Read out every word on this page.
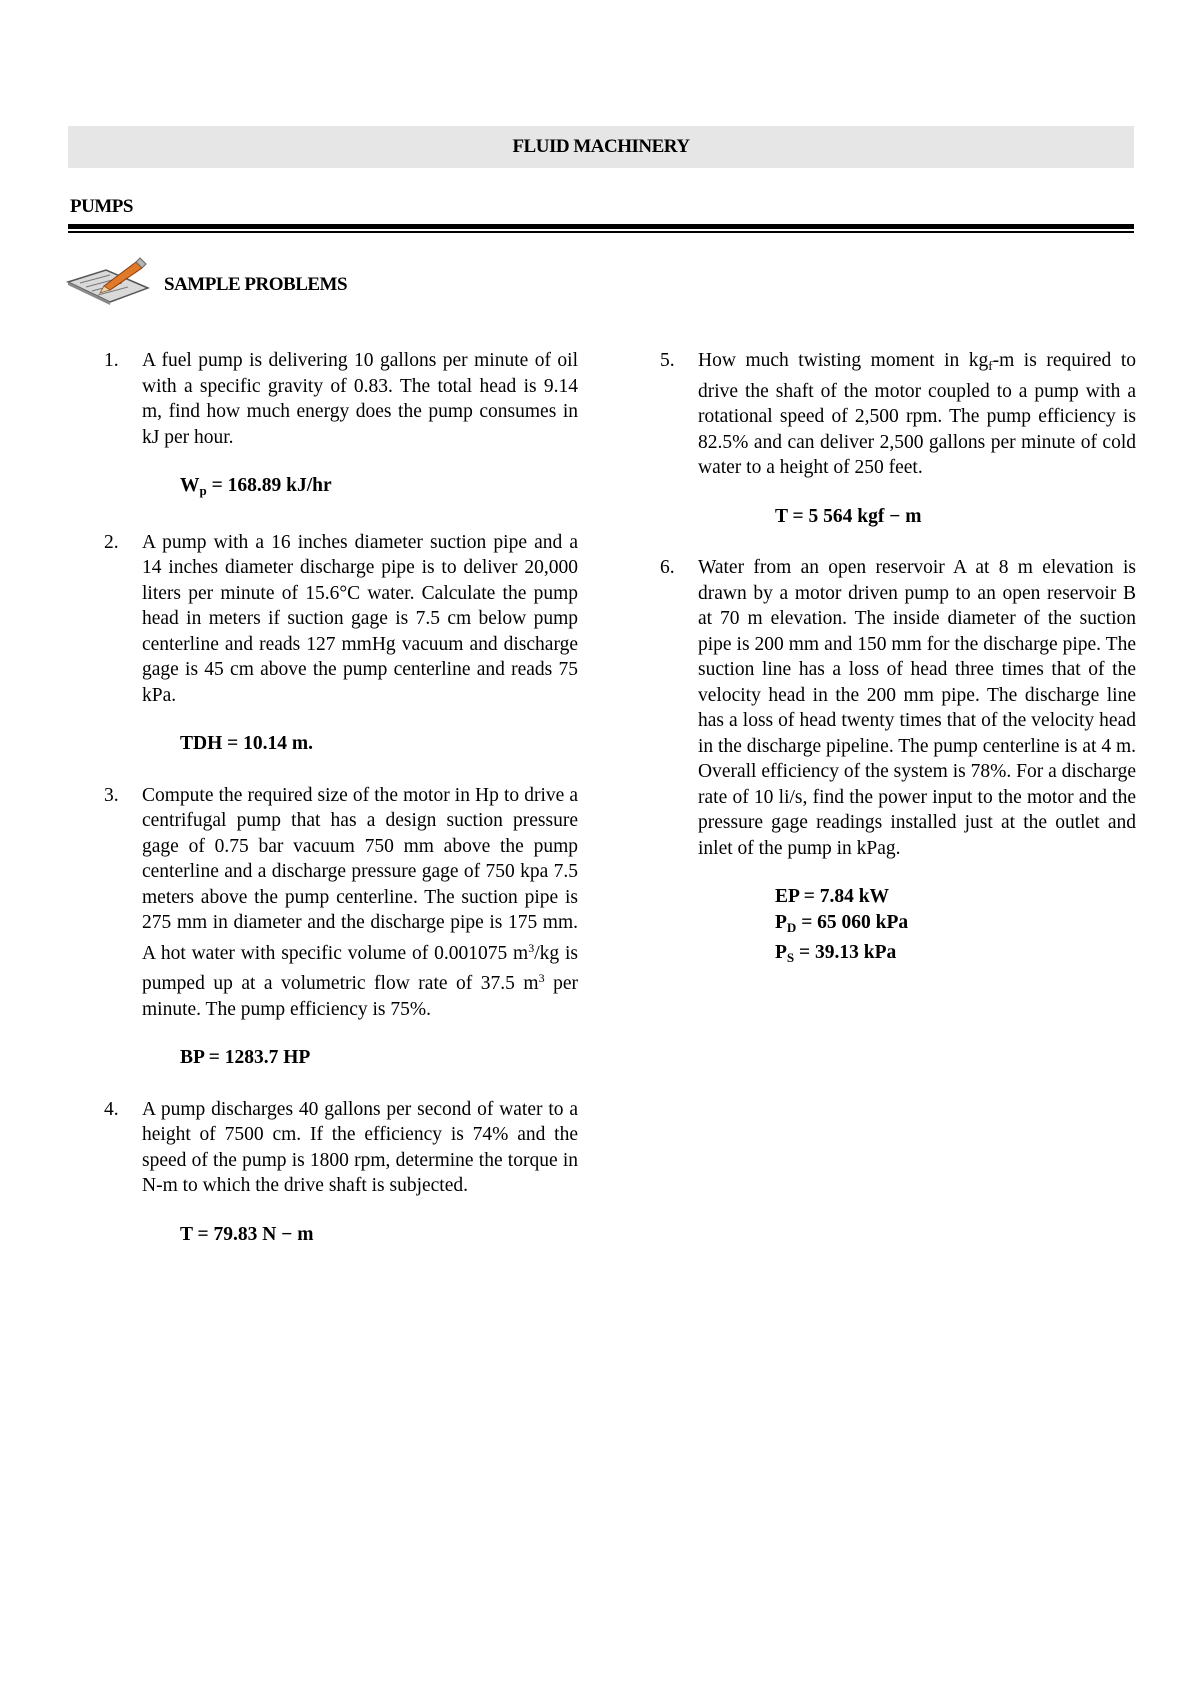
FLUID MACHINERY
PUMPS
SAMPLE PROBLEMS
1. A fuel pump is delivering 10 gallons per minute of oil with a specific gravity of 0.83. The total head is 9.14 m, find how much energy does the pump consumes in kJ per hour.

$W_p = 168.89$ kJ/hr
2. A pump with a 16 inches diameter suction pipe and a 14 inches diameter discharge pipe is to deliver 20,000 liters per minute of 15.6°C water. Calculate the pump head in meters if suction gage is 7.5 cm below pump centerline and reads 127 mmHg vacuum and discharge gage is 45 cm above the pump centerline and reads 75 kPa.

TDH = 10.14 m.
3. Compute the required size of the motor in Hp to drive a centrifugal pump that has a design suction pressure gage of 0.75 bar vacuum 750 mm above the pump centerline and a discharge pressure gage of 750 kpa 7.5 meters above the pump centerline. The suction pipe is 275 mm in diameter and the discharge pipe is 175 mm. A hot water with specific volume of 0.001075 $m^3/kg$ is pumped up at a volumetric flow rate of 37.5 $m^3$ per minute. The pump efficiency is 75%.

BP = 1283.7 HP
4. A pump discharges 40 gallons per second of water to a height of 7500 cm. If the efficiency is 74% and the speed of the pump is 1800 rpm, determine the torque in N-m to which the drive shaft is subjected.

T = 79.83 N − m
5. How much twisting moment in $kg_f-m$ is required to drive the shaft of the motor coupled to a pump with a rotational speed of 2,500 rpm. The pump efficiency is 82.5% and can deliver 2,500 gallons per minute of cold water to a height of 250 feet.

T = 5 564 kgf − m
6. Water from an open reservoir A at 8 m elevation is drawn by a motor driven pump to an open reservoir B at 70 m elevation. The inside diameter of the suction pipe is 200 mm and 150 mm for the discharge pipe. The suction line has a loss of head three times that of the velocity head in the 200 mm pipe. The discharge line has a loss of head twenty times that of the velocity head in the discharge pipeline. The pump centerline is at 4 m. Overall efficiency of the system is 78%. For a discharge rate of 10 li/s, find the power input to the motor and the pressure gage readings installed just at the outlet and inlet of the pump in kPag.

EP = 7.84 kW
$P_D = 65$ 060 kPa
$P_S = 39.13$ kPa
